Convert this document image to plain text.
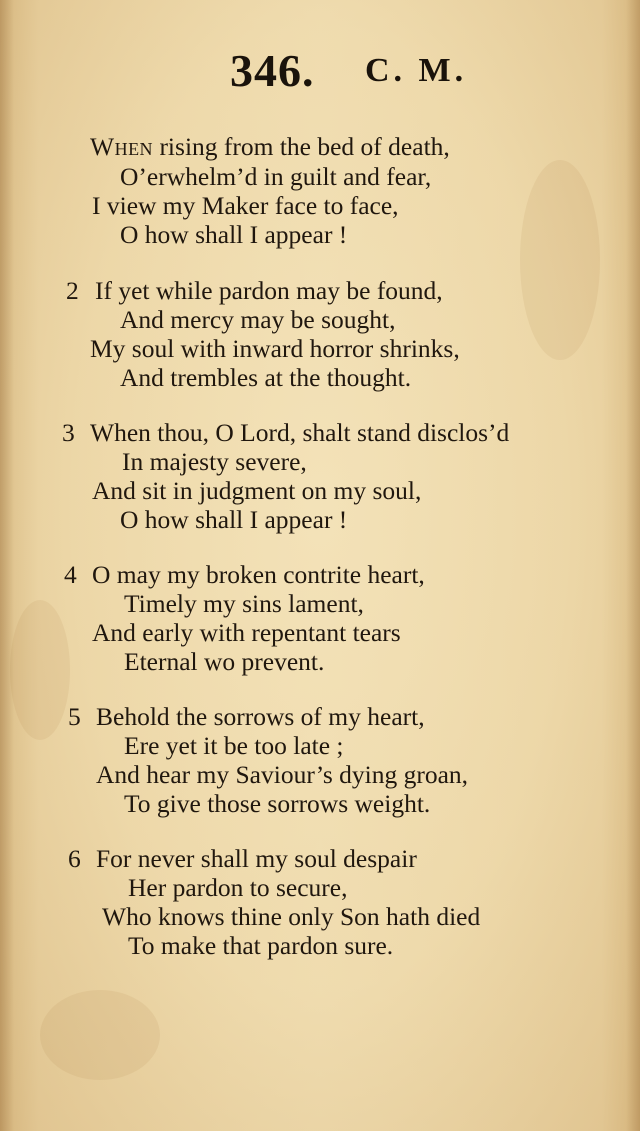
346. C. M.
When rising from the bed of death,
O’erwhelm’d in guilt and fear,
I view my Maker face to face,
O how shall I appear !
2 If yet while pardon may be found,
And mercy may be sought,
My soul with inward horror shrinks,
And trembles at the thought.
3 When thou, O Lord, shalt stand disclos’d
In majesty severe,
And sit in judgment on my soul,
O how shall I appear !
4 O may my broken contrite heart,
Timely my sins lament,
And early with repentant tears
Eternal wo prevent.
5 Behold the sorrows of my heart,
Ere yet it be too late ;
And hear my Saviour’s dying groan,
To give those sorrows weight.
6 For never shall my soul despair
Her pardon to secure,
Who knows thine only Son hath died
To make that pardon sure.
